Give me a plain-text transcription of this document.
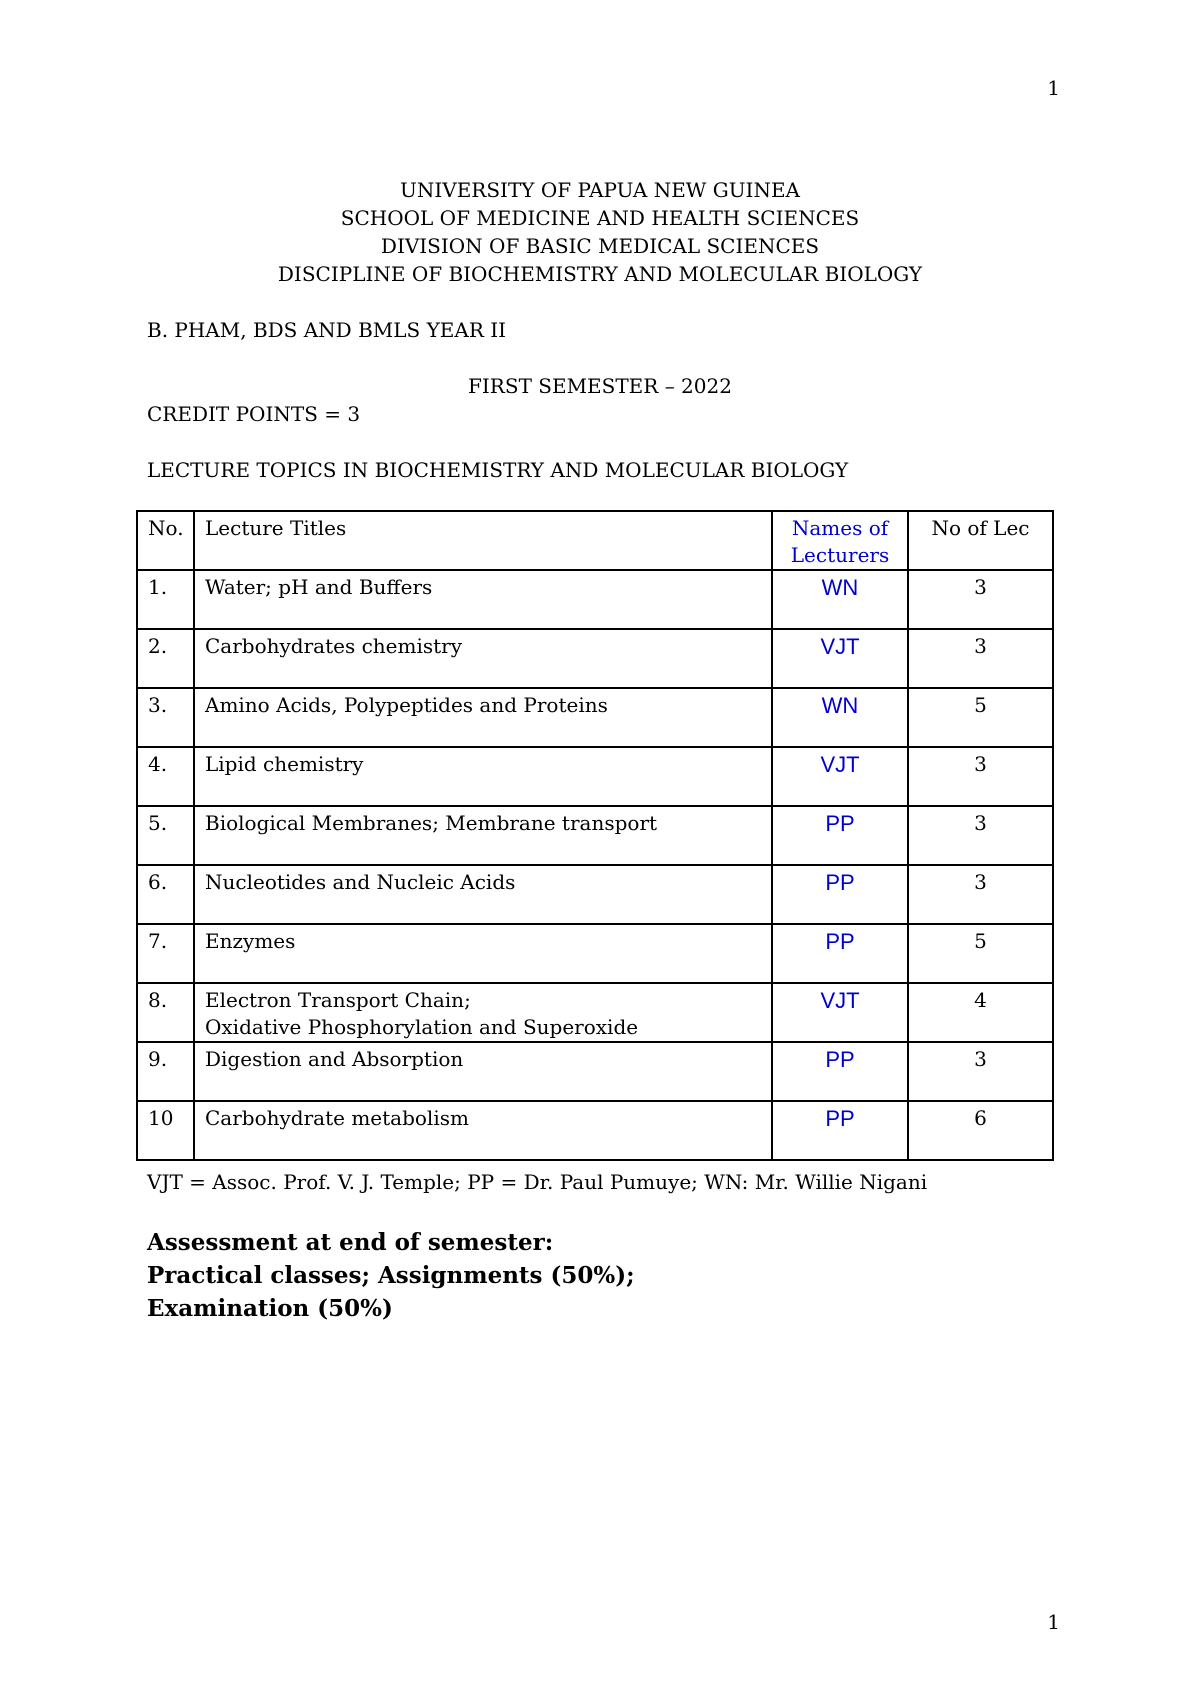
1
UNIVERSITY OF PAPUA NEW GUINEA
SCHOOL OF MEDICINE AND HEALTH SCIENCES
DIVISION OF BASIC MEDICAL SCIENCES
DISCIPLINE OF BIOCHEMISTRY AND MOLECULAR BIOLOGY
B. PHAM, BDS AND BMLS YEAR II
FIRST SEMESTER – 2022
CREDIT POINTS = 3
LECTURE TOPICS IN BIOCHEMISTRY AND MOLECULAR BIOLOGY
No.	Lecture Titles	Names of
Lecturers	No of Lec
1.	Water; pH and Buffers	WN	3
2.	Carbohydrates chemistry	VJT	3
3.	Amino Acids, Polypeptides and Proteins	WN	5
4.	Lipid chemistry	VJT	3
5.	Biological Membranes; Membrane transport	PP	3
6.	Nucleotides and Nucleic Acids	PP	3
7.	Enzymes	PP	5
8.	Electron Transport Chain;
Oxidative Phosphorylation and Superoxide	VJT	4
9.	Digestion and Absorption	PP	3
10	Carbohydrate metabolism	PP	6
VJT = Assoc. Prof. V. J. Temple; PP = Dr. Paul Pumuye; WN: Mr. Willie Nigani
Assessment at end of semester:
Practical classes; Assignments (50%);
Examination (50%)
1
